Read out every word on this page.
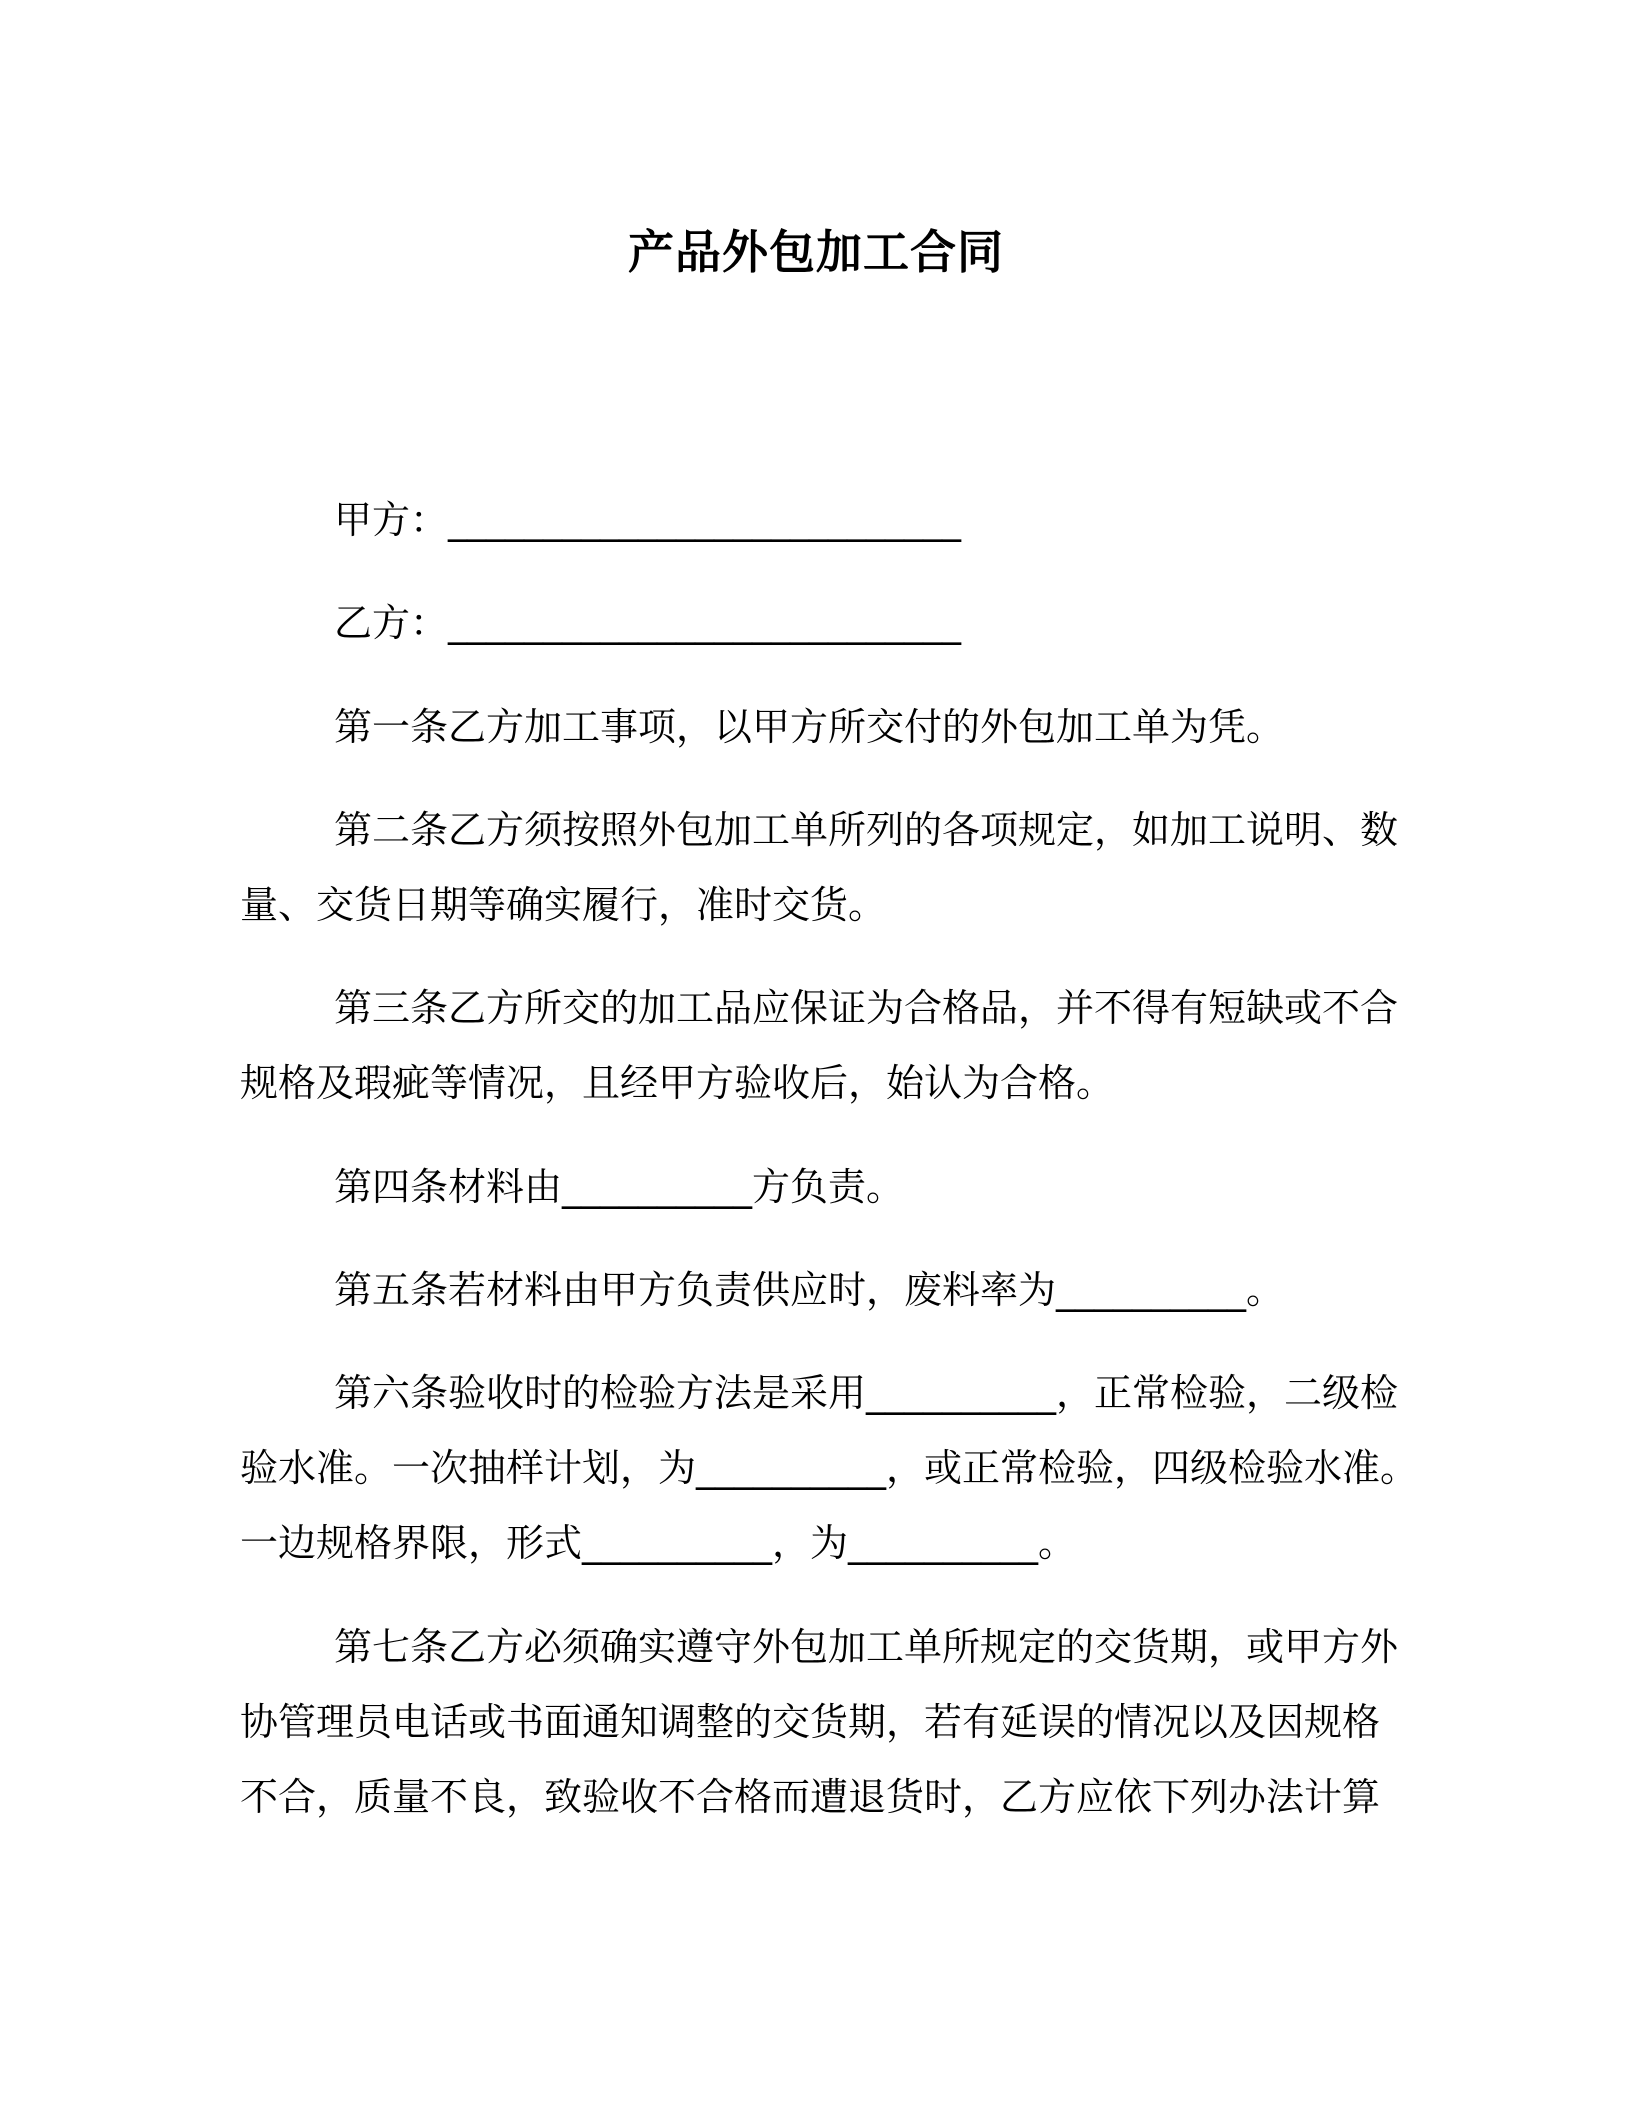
产品外包加工合同
甲方：___________________________
乙方：___________________________
第一条乙方加工事项，以甲方所交付的外包加工单为凭。
第二条乙方须按照外包加工单所列的各项规定，如加工说明、数
量、交货日期等确实履行，准时交货。
第三条乙方所交的加工品应保证为合格品，并不得有短缺或不合
规格及瑕疵等情况，且经甲方验收后，始认为合格。
第四条材料由__________方负责。
第五条若材料由甲方负责供应时，废料率为__________。
第六条验收时的检验方法是采用__________，正常检验，二级检
验水准。一次抽样计划，为__________，或正常检验，四级检验水准。
一边规格界限，形式__________，为__________。
第七条乙方必须确实遵守外包加工单所规定的交货期，或甲方外
协管理员电话或书面通知调整的交货期，若有延误的情况以及因规格
不合，质量不良，致验收不合格而遭退货时，乙方应依下列办法计算
